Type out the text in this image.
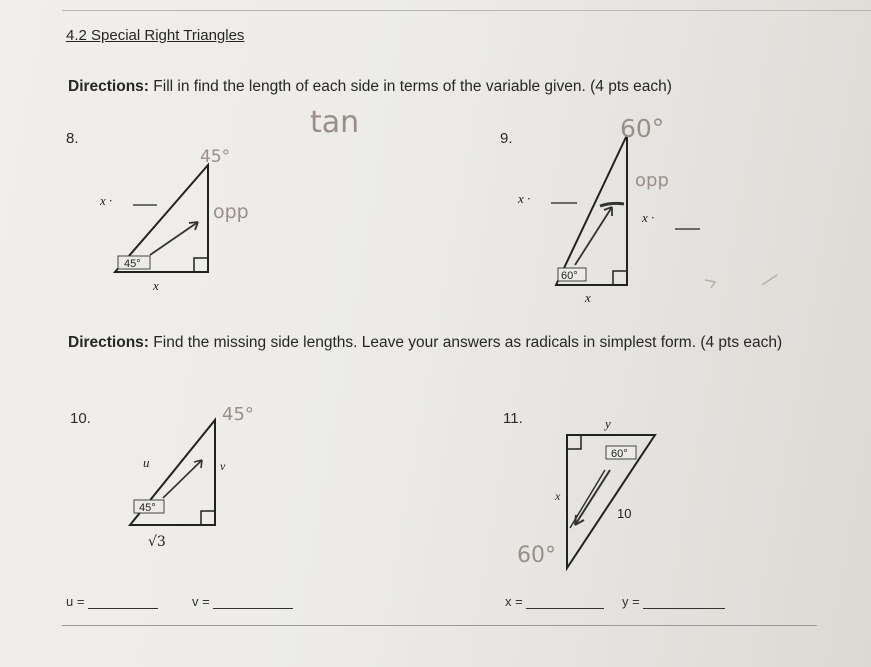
4.2 Special Right Triangles
Directions: Fill in find the length of each side in terms of the variable given. (4 pts each)
Directions: Find the missing side lengths. Leave your answers as radicals in simplest form. (4 pts each)
8.	9.
10.	11.
45°
x
x ·
60°
x
x ·
x ·
45°
u	v
√3
60°
y
x
10
tan
45°
opp
60°
opp
45°
60°
u =	v =	x =	y =
